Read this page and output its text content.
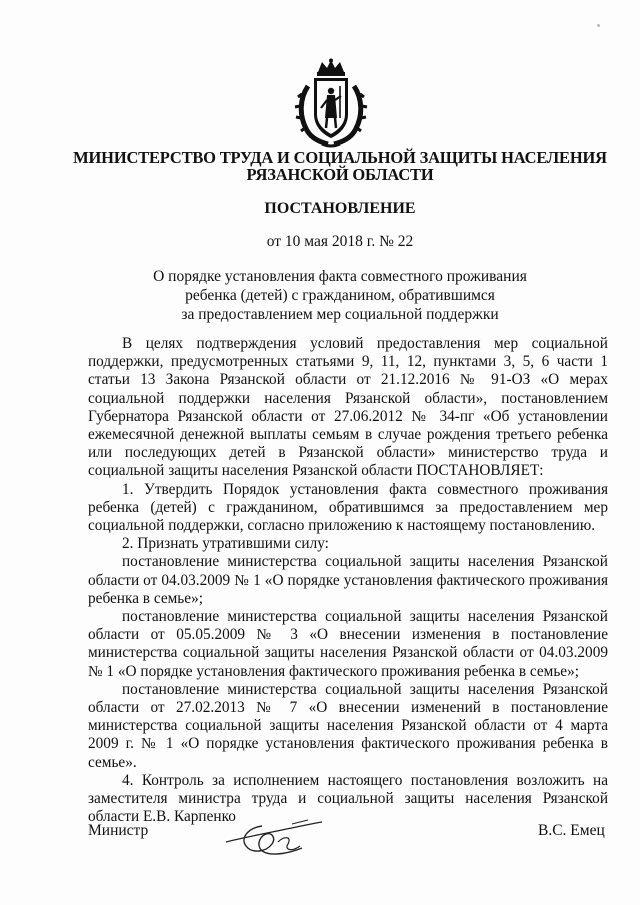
МИНИСТЕРСТВО ТРУДА И СОЦИАЛЬНОЙ ЗАЩИТЫ НАСЕЛЕНИЯ
РЯЗАНСКОЙ ОБЛАСТИ
ПОСТАНОВЛЕНИЕ
от 10 мая 2018 г. № 22
О порядке установления факта совместного проживания
ребенка (детей) с гражданином, обратившимся
за предоставлением мер социальной поддержки

В целях подтверждения условий предоставления мер социальной поддержки, предусмотренных статьями 9, 11, 12, пунктами 3, 5, 6 части 1 статьи 13 Закона Рязанской области от 21.12.2016 № 91-ОЗ «О мерах социальной поддержки населения Рязанской области», постановлением Губернатора Рязанской области от 27.06.2012 № 34-пг «Об установлении ежемесячной денежной выплаты семьям в случае рождения третьего ребенка или последующих детей в Рязанской области» министерство труда и социальной защиты населения Рязанской области ПОСТАНОВЛЯЕТ:

1. Утвердить Порядок установления факта совместного проживания ребенка (детей) с гражданином, обратившимся за предоставлением мер социальной поддержки, согласно приложению к настоящему постановлению.

2. Признать утратившими силу:

постановление министерства социальной защиты населения Рязанской области от 04.03.2009 № 1 «О порядке установления фактического проживания ребенка в семье»;

постановление министерства социальной защиты населения Рязанской области от 05.05.2009 № 3 «О внесении изменения в постановление министерства социальной защиты населения Рязанской области от 04.03.2009 № 1 «О порядке установления фактического проживания ребенка в семье»;

постановление министерства социальной защиты населения Рязанской области от 27.02.2013 № 7 «О внесении изменений в постановление министерства социальной защиты населения Рязанской области от 4 марта 2009 г. № 1 «О порядке установления фактического проживания ребенка в семье».

4. Контроль за исполнением настоящего постановления возложить на заместителя министра труда и социальной защиты населения Рязанской области Е.В. Карпенко

Министр	В.С. Емец
